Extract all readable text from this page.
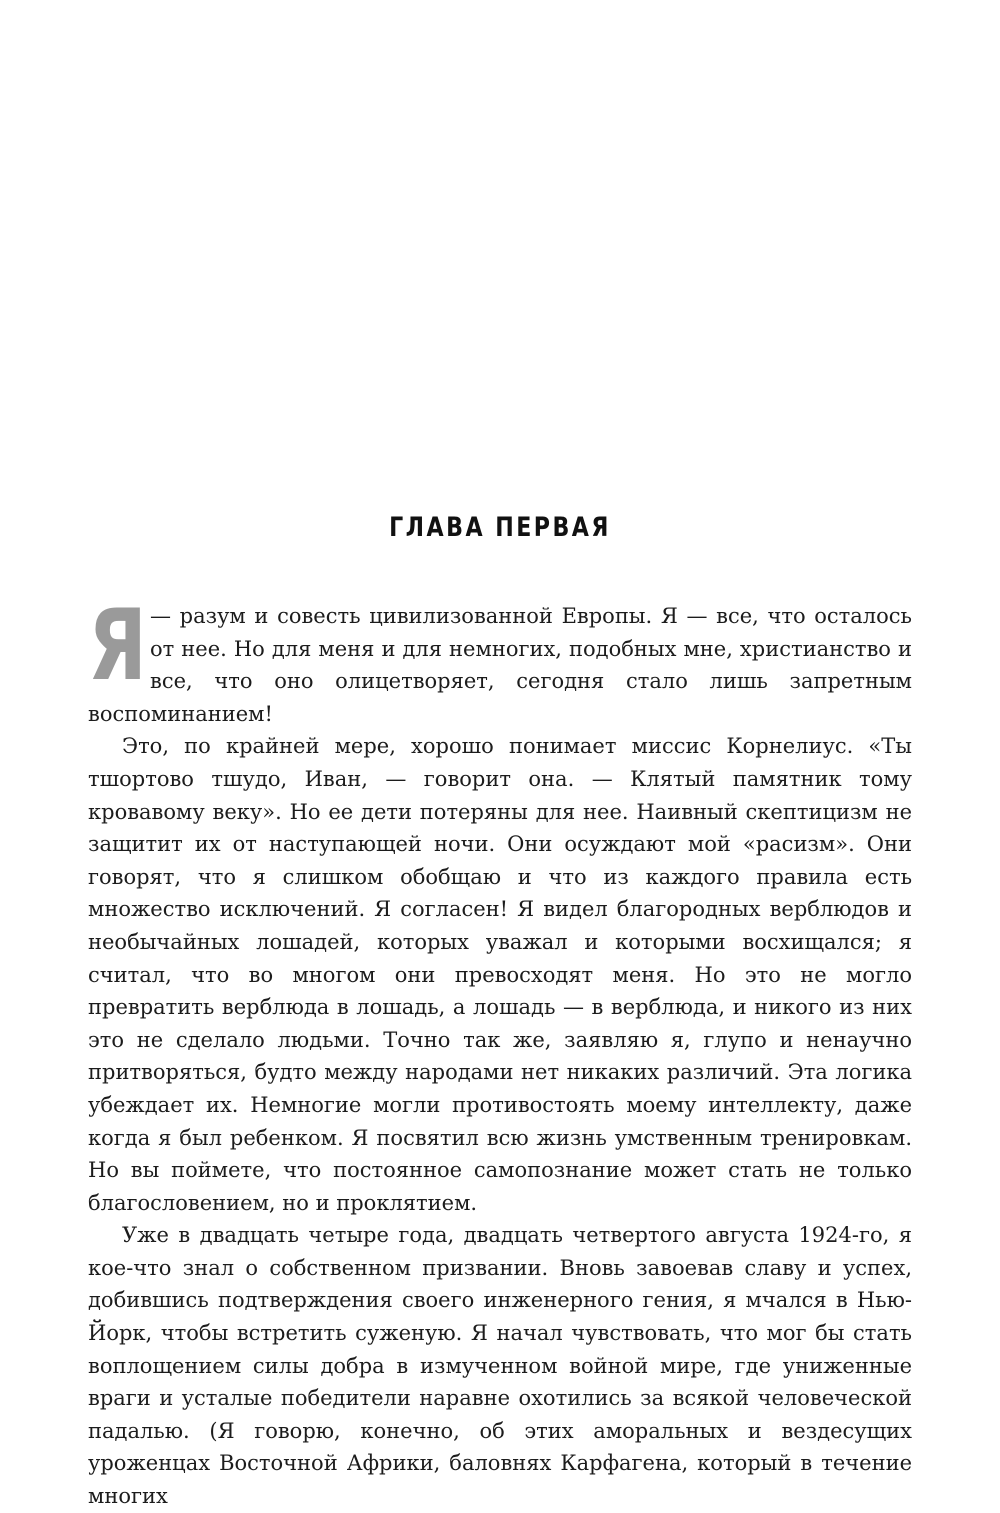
ГЛАВА ПЕРВАЯ

Я — разум и совесть цивилизованной Европы. Я — все, что осталось от нее. Но для меня и для немногих, подобных мне, христианство и все, что оно олицетворяет, сегодня стало лишь запретным воспоминанием!

Это, по крайней мере, хорошо понимает миссис Корнелиус. «Ты тшортово тшудо, Иван, — говорит она. — Клятый памятник тому кровавому веку». Но ее дети потеряны для нее. Наивный скептицизм не защитит их от наступающей ночи. Они осуждают мой «расизм». Они говорят, что я слишком обобщаю и что из каждого правила есть множество исключений. Я согласен! Я видел благородных верблюдов и необычайных лошадей, которых уважал и которыми восхищался; я считал, что во многом они превосходят меня. Но это не могло превратить верблюда в лошадь, а лошадь — в верблюда, и никого из них это не сделало людьми. Точно так же, заявляю я, глупо и ненаучно притворяться, будто между народами нет никаких различий. Эта логика убеждает их. Немногие могли противостоять моему интеллекту, даже когда я был ребенком. Я посвятил всю жизнь умственным тренировкам. Но вы поймете, что постоянное самопознание может стать не только благословением, но и проклятием.

Уже в двадцать четыре года, двадцать четвертого августа 1924-го, я кое-что знал о собственном призвании. Вновь завоевав славу и успех, добившись подтверждения своего инженерного гения, я мчался в Нью-Йорк, чтобы встретить суженую. Я начал чувствовать, что мог бы стать воплощением силы добра в измученном войной мире, где униженные враги и усталые победители наравне охотились за всякой человеческой падалью. (Я говорю, конечно, об этих аморальных и вездесущих уроженцах Восточной Африки, баловнях Карфагена, который в течение многих
